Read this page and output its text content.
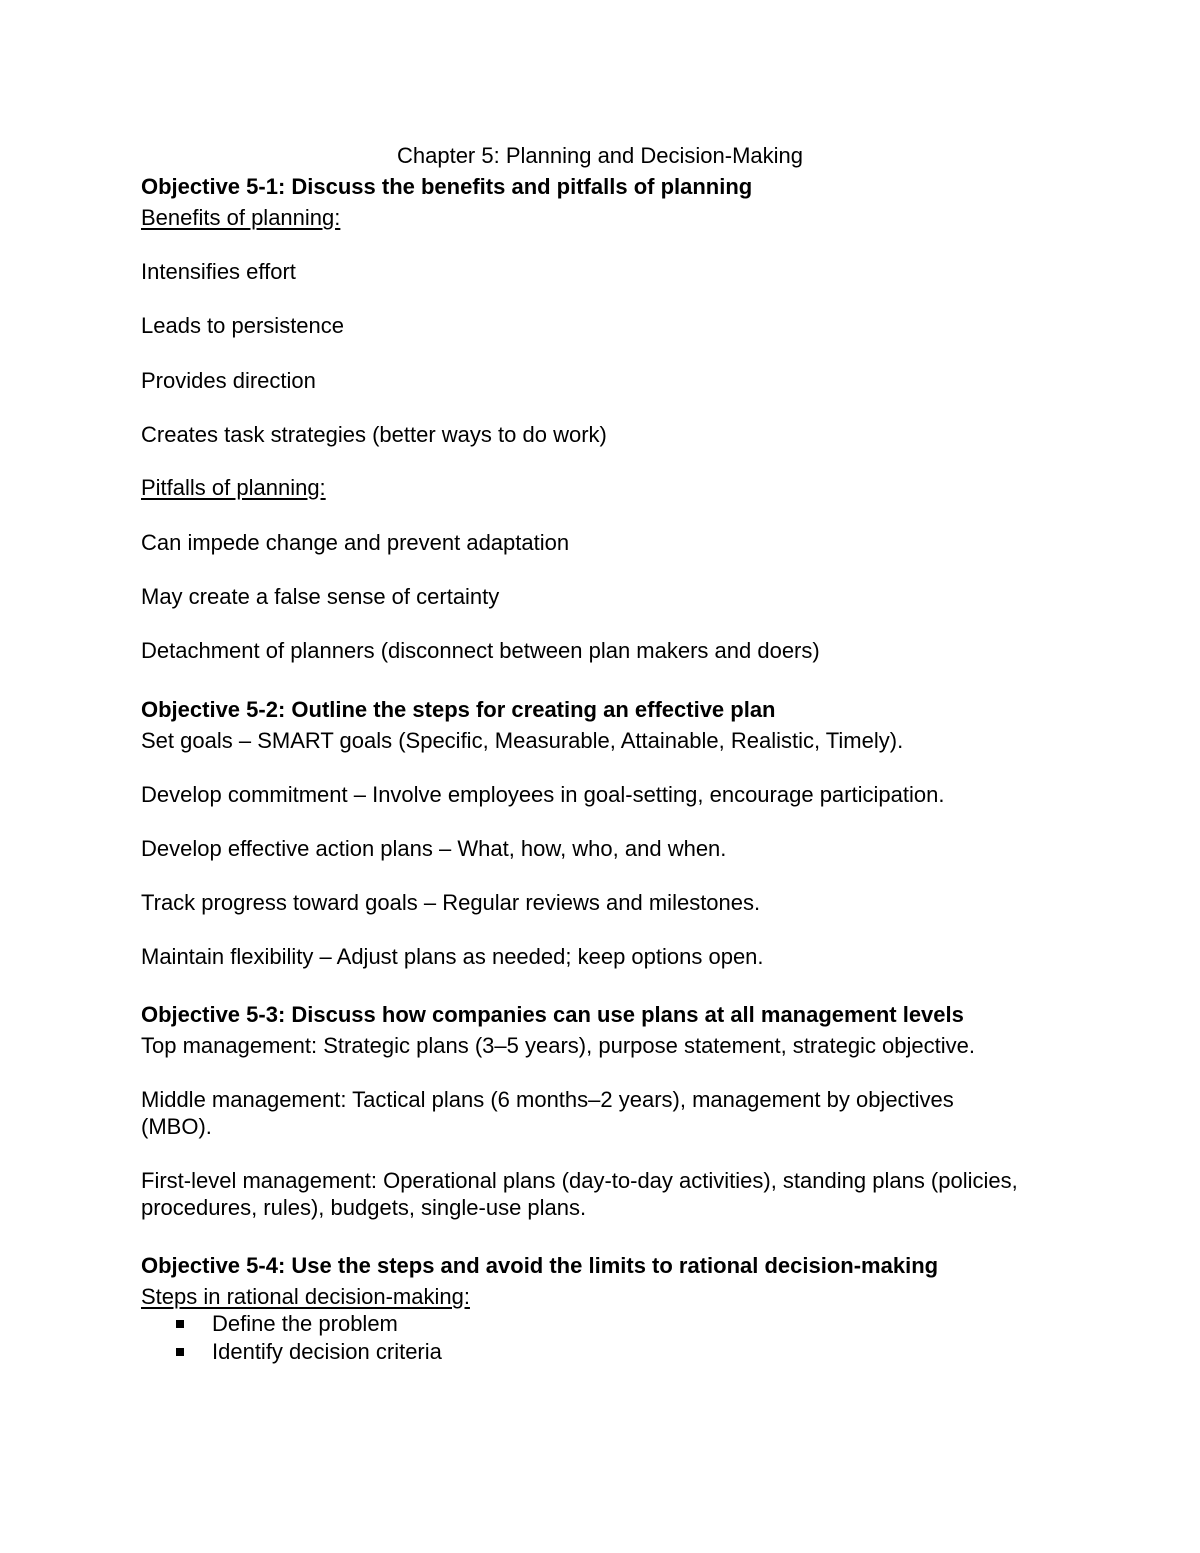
Chapter 5: Planning and Decision-Making
Objective 5-1: Discuss the benefits and pitfalls of planning
Benefits of planning:
Intensifies effort
Leads to persistence
Provides direction
Creates task strategies (better ways to do work)
Pitfalls of planning:
Can impede change and prevent adaptation
May create a false sense of certainty
Detachment of planners (disconnect between plan makers and doers)
Objective 5-2: Outline the steps for creating an effective plan
Set goals – SMART goals (Specific, Measurable, Attainable, Realistic, Timely).
Develop commitment – Involve employees in goal-setting, encourage participation.
Develop effective action plans – What, how, who, and when.
Track progress toward goals – Regular reviews and milestones.
Maintain flexibility – Adjust plans as needed; keep options open.
Objective 5-3: Discuss how companies can use plans at all management levels
Top management: Strategic plans (3–5 years), purpose statement, strategic objective.
Middle management: Tactical plans (6 months–2 years), management by objectives (MBO).
First-level management: Operational plans (day-to-day activities), standing plans (policies, procedures, rules), budgets, single-use plans.
Objective 5-4: Use the steps and avoid the limits to rational decision-making
Steps in rational decision-making:
Define the problem
Identify decision criteria
